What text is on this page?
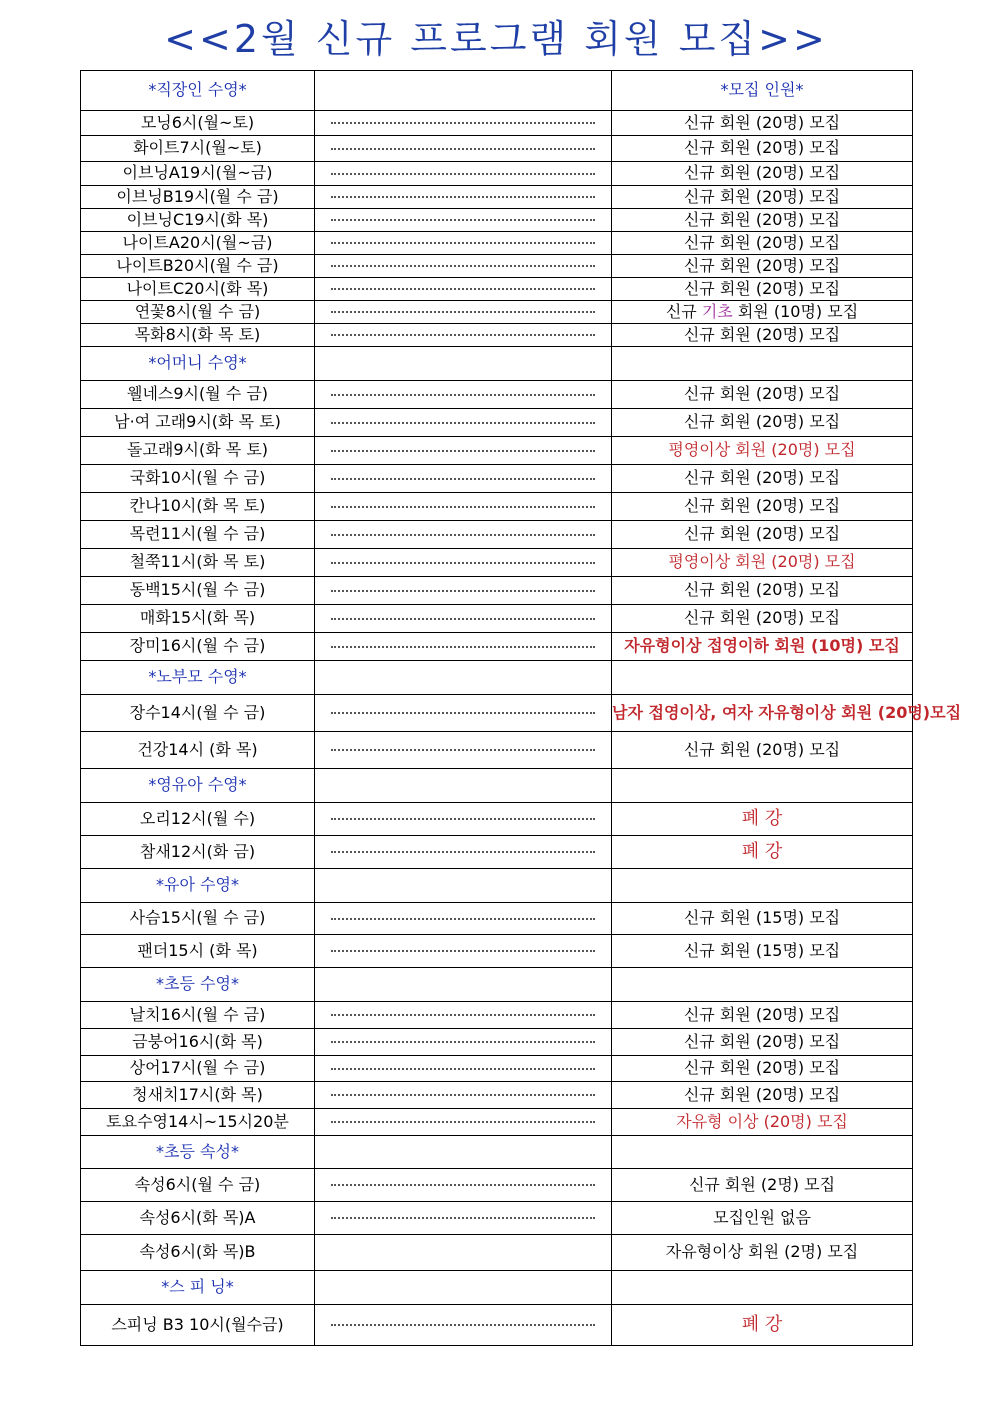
<<2월 신규 프로그램 회원 모집>>
*직장인 수영*		*모집 인원*
모닝6시(월~토)		신규 회원 (20명) 모집
화이트7시(월~토)		신규 회원 (20명) 모집
이브닝A19시(월~금)		신규 회원 (20명) 모집
이브닝B19시(월 수 금)		신규 회원 (20명) 모집
이브닝C19시(화 목)		신규 회원 (20명) 모집
나이트A20시(월~금)		신규 회원 (20명) 모집
나이트B20시(월 수 금)		신규 회원 (20명) 모집
나이트C20시(화 목)		신규 회원 (20명) 모집
연꽃8시(월 수 금)		신규 기초 회원 (10명) 모집
목화8시(화 목 토)		신규 회원 (20명) 모집
*어머니 수영*		
웰네스9시(월 수 금)		신규 회원 (20명) 모집
남·여 고래9시(화 목 토)		신규 회원 (20명) 모집
돌고래9시(화 목 토)		평영이상 회원 (20명) 모집
국화10시(월 수 금)		신규 회원 (20명) 모집
칸나10시(화 목 토)		신규 회원 (20명) 모집
목련11시(월 수 금)		신규 회원 (20명) 모집
철쭉11시(화 목 토)		평영이상 회원 (20명) 모집
동백15시(월 수 금)		신규 회원 (20명) 모집
매화15시(화 목)		신규 회원 (20명) 모집
장미16시(월 수 금)		자유형이상 접영이하 회원 (10명) 모집
*노부모 수영*		
장수14시(월 수 금)		남자 접영이상, 여자 자유형이상 회원 (20명)모집
건강14시 (화 목)		신규 회원 (20명) 모집
*영유아 수영*		
오리12시(월 수)		폐 강
참새12시(화 금)		폐 강
*유아 수영*		
사슴15시(월 수 금)		신규 회원 (15명) 모집
팬더15시 (화 목)		신규 회원 (15명) 모집
*초등 수영*		
날치16시(월 수 금)		신규 회원 (20명) 모집
금붕어16시(화 목)		신규 회원 (20명) 모집
상어17시(월 수 금)		신규 회원 (20명) 모집
청새치17시(화 목)		신규 회원 (20명) 모집
토요수영14시~15시20분		자유형 이상 (20명) 모집
*초등 속성*		
속성6시(월 수 금)		신규 회원 (2명) 모집
속성6시(화 목)A		모집인원 없음
속성6시(화 목)B		자유형이상 회원 (2명) 모집
*스 피 닝*		
스피닝 B3 10시(월수금)		폐 강
